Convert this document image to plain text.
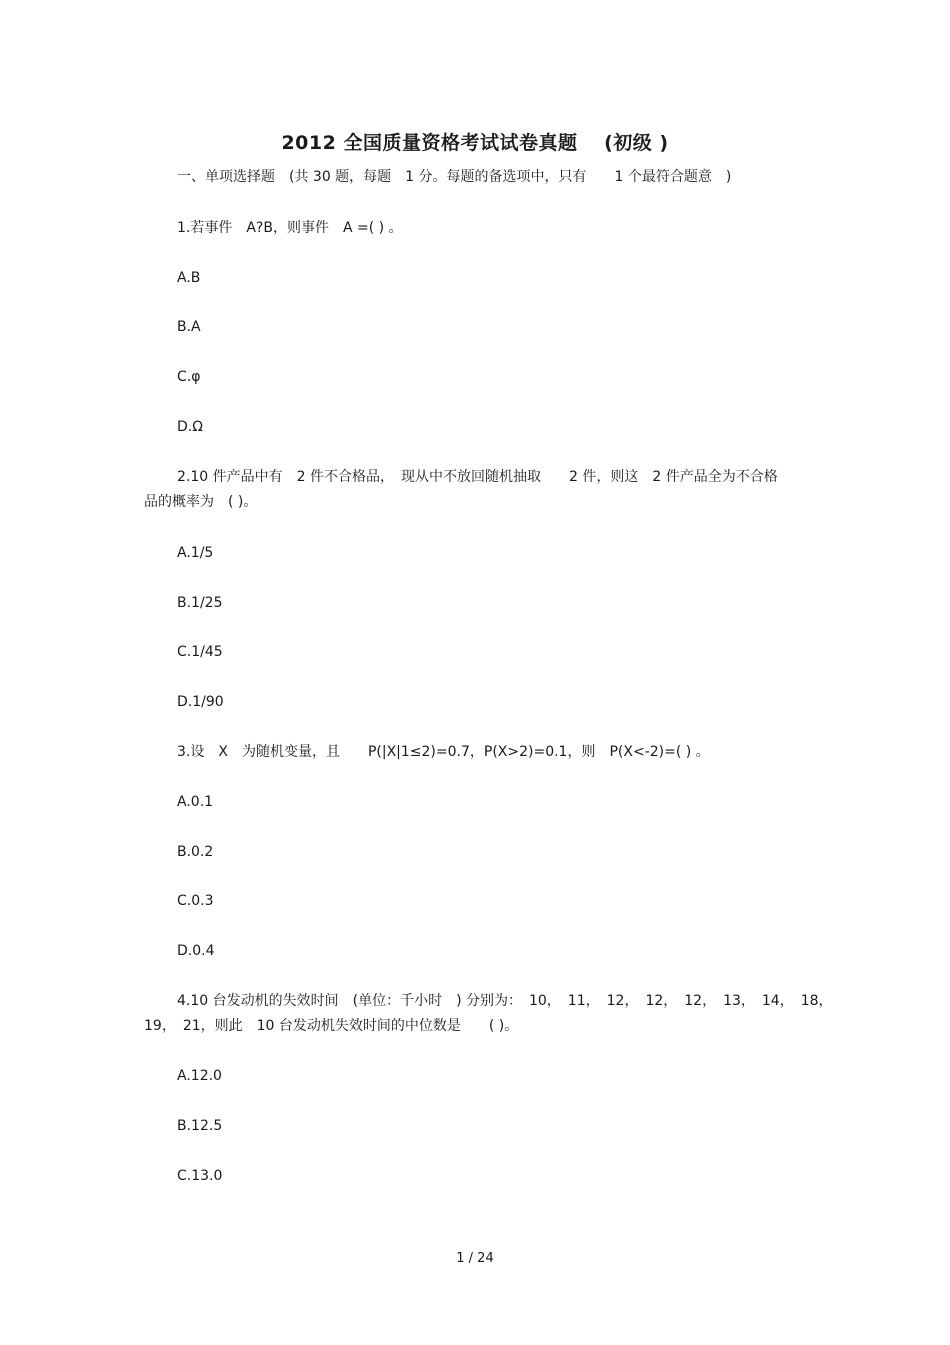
2012 全国质量资格考试试卷真题　 (初级 )
一、单项选择题　(共 30 题，每题　1 分。每题的备选项中，只有　　1 个最符合题意　)
1.若事件　A?B，则事件　A =( ) 。
A.B
B.A
C.φ
D.Ω
2.10 件产品中有　2 件不合格品，　现从中不放回随机抽取　　2 件，则这　2 件产品全为不合格
品的概率为　( )。
A.1/5
B.1/25
C.1/45
D.1/90
3.设　X　为随机变量，且　　P(|X|1≤2)=0.7，P(X>2)=0.1，则　P(X<-2)=( ) 。
A.0.1
B.0.2
C.0.3
D.0.4
4.10 台发动机的失效时间　(单位：千小时　) 分别为：　10，　11，　12，　12，　12，　13，　14，　18，
19，　21，则此　10 台发动机失效时间的中位数是　　( )。
A.12.0
B.12.5
C.13.0
1 / 24
